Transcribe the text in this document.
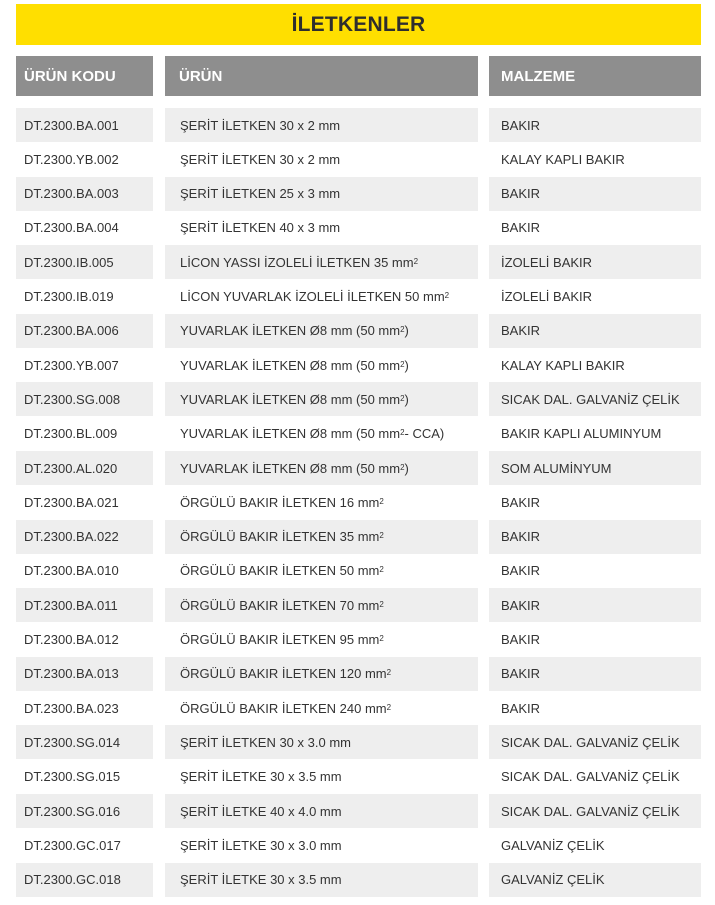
İLETKENLER
ÜRÜN KODU	ÜRÜN	MALZEME
DT.2300.BA.001	ŞERİT İLETKEN 30 x 2 mm	BAKIR
DT.2300.YB.002	ŞERİT İLETKEN 30 x 2 mm	KALAY KAPLI BAKIR
DT.2300.BA.003	ŞERİT İLETKEN 25 x 3 mm	BAKIR
DT.2300.BA.004	ŞERİT İLETKEN 40 x 3 mm	BAKIR
DT.2300.IB.005	LİCON YASSI İZOLELİ İLETKEN 35 $mm^2$	İZOLELİ BAKIR
DT.2300.IB.019	LİCON YUVARLAK İZOLELİ İLETKEN 50 $mm^2$	İZOLELİ BAKIR
DT.2300.BA.006	YUVARLAK İLETKEN Ø8 mm (50 $mm^2$ )	BAKIR
DT.2300.YB.007	YUVARLAK İLETKEN Ø8 mm (50 $mm^2$ )	KALAY KAPLI BAKIR
DT.2300.SG.008	YUVARLAK İLETKEN Ø8 mm (50 $mm^2$ )	SICAK DAL. GALVANİZ ÇELİK
DT.2300.BL.009	YUVARLAK İLETKEN Ø8 mm (50 $mm^2 - CCA$)	BAKIR KAPLI ALUMINYUM
DT.2300.AL.020	YUVARLAK İLETKEN Ø8 mm (50 $mm^2$ )	SOM ALUMİNYUM
DT.2300.BA.021	ÖRGÜLÜ BAKIR İLETKEN 16 $mm^2$	BAKIR
DT.2300.BA.022	ÖRGÜLÜ BAKIR İLETKEN 35 $mm^2$	BAKIR
DT.2300.BA.010	ÖRGÜLÜ BAKIR İLETKEN 50 $mm^2$	BAKIR
DT.2300.BA.011	ÖRGÜLÜ BAKIR İLETKEN 70 $mm^2$	BAKIR
DT.2300.BA.012	ÖRGÜLÜ BAKIR İLETKEN 95 $mm^2$	BAKIR
DT.2300.BA.013	ÖRGÜLÜ BAKIR İLETKEN 120 $mm^2$	BAKIR
DT.2300.BA.023	ÖRGÜLÜ BAKIR İLETKEN 240 $mm^2$	BAKIR
DT.2300.SG.014	ŞERİT İLETKEN 30 x 3.0 mm	SICAK DAL. GALVANİZ ÇELİK
DT.2300.SG.015	ŞERİT İLETKE 30 x 3.5 mm	SICAK DAL. GALVANİZ ÇELİK
DT.2300.SG.016	ŞERİT İLETKE 40 x 4.0 mm	SICAK DAL. GALVANİZ ÇELİK
DT.2300.GC.017	ŞERİT İLETKE 30 x 3.0 mm	GALVANİZ ÇELİK
DT.2300.GC.018	ŞERİT İLETKE 30 x 3.5 mm	GALVANİZ ÇELİK
